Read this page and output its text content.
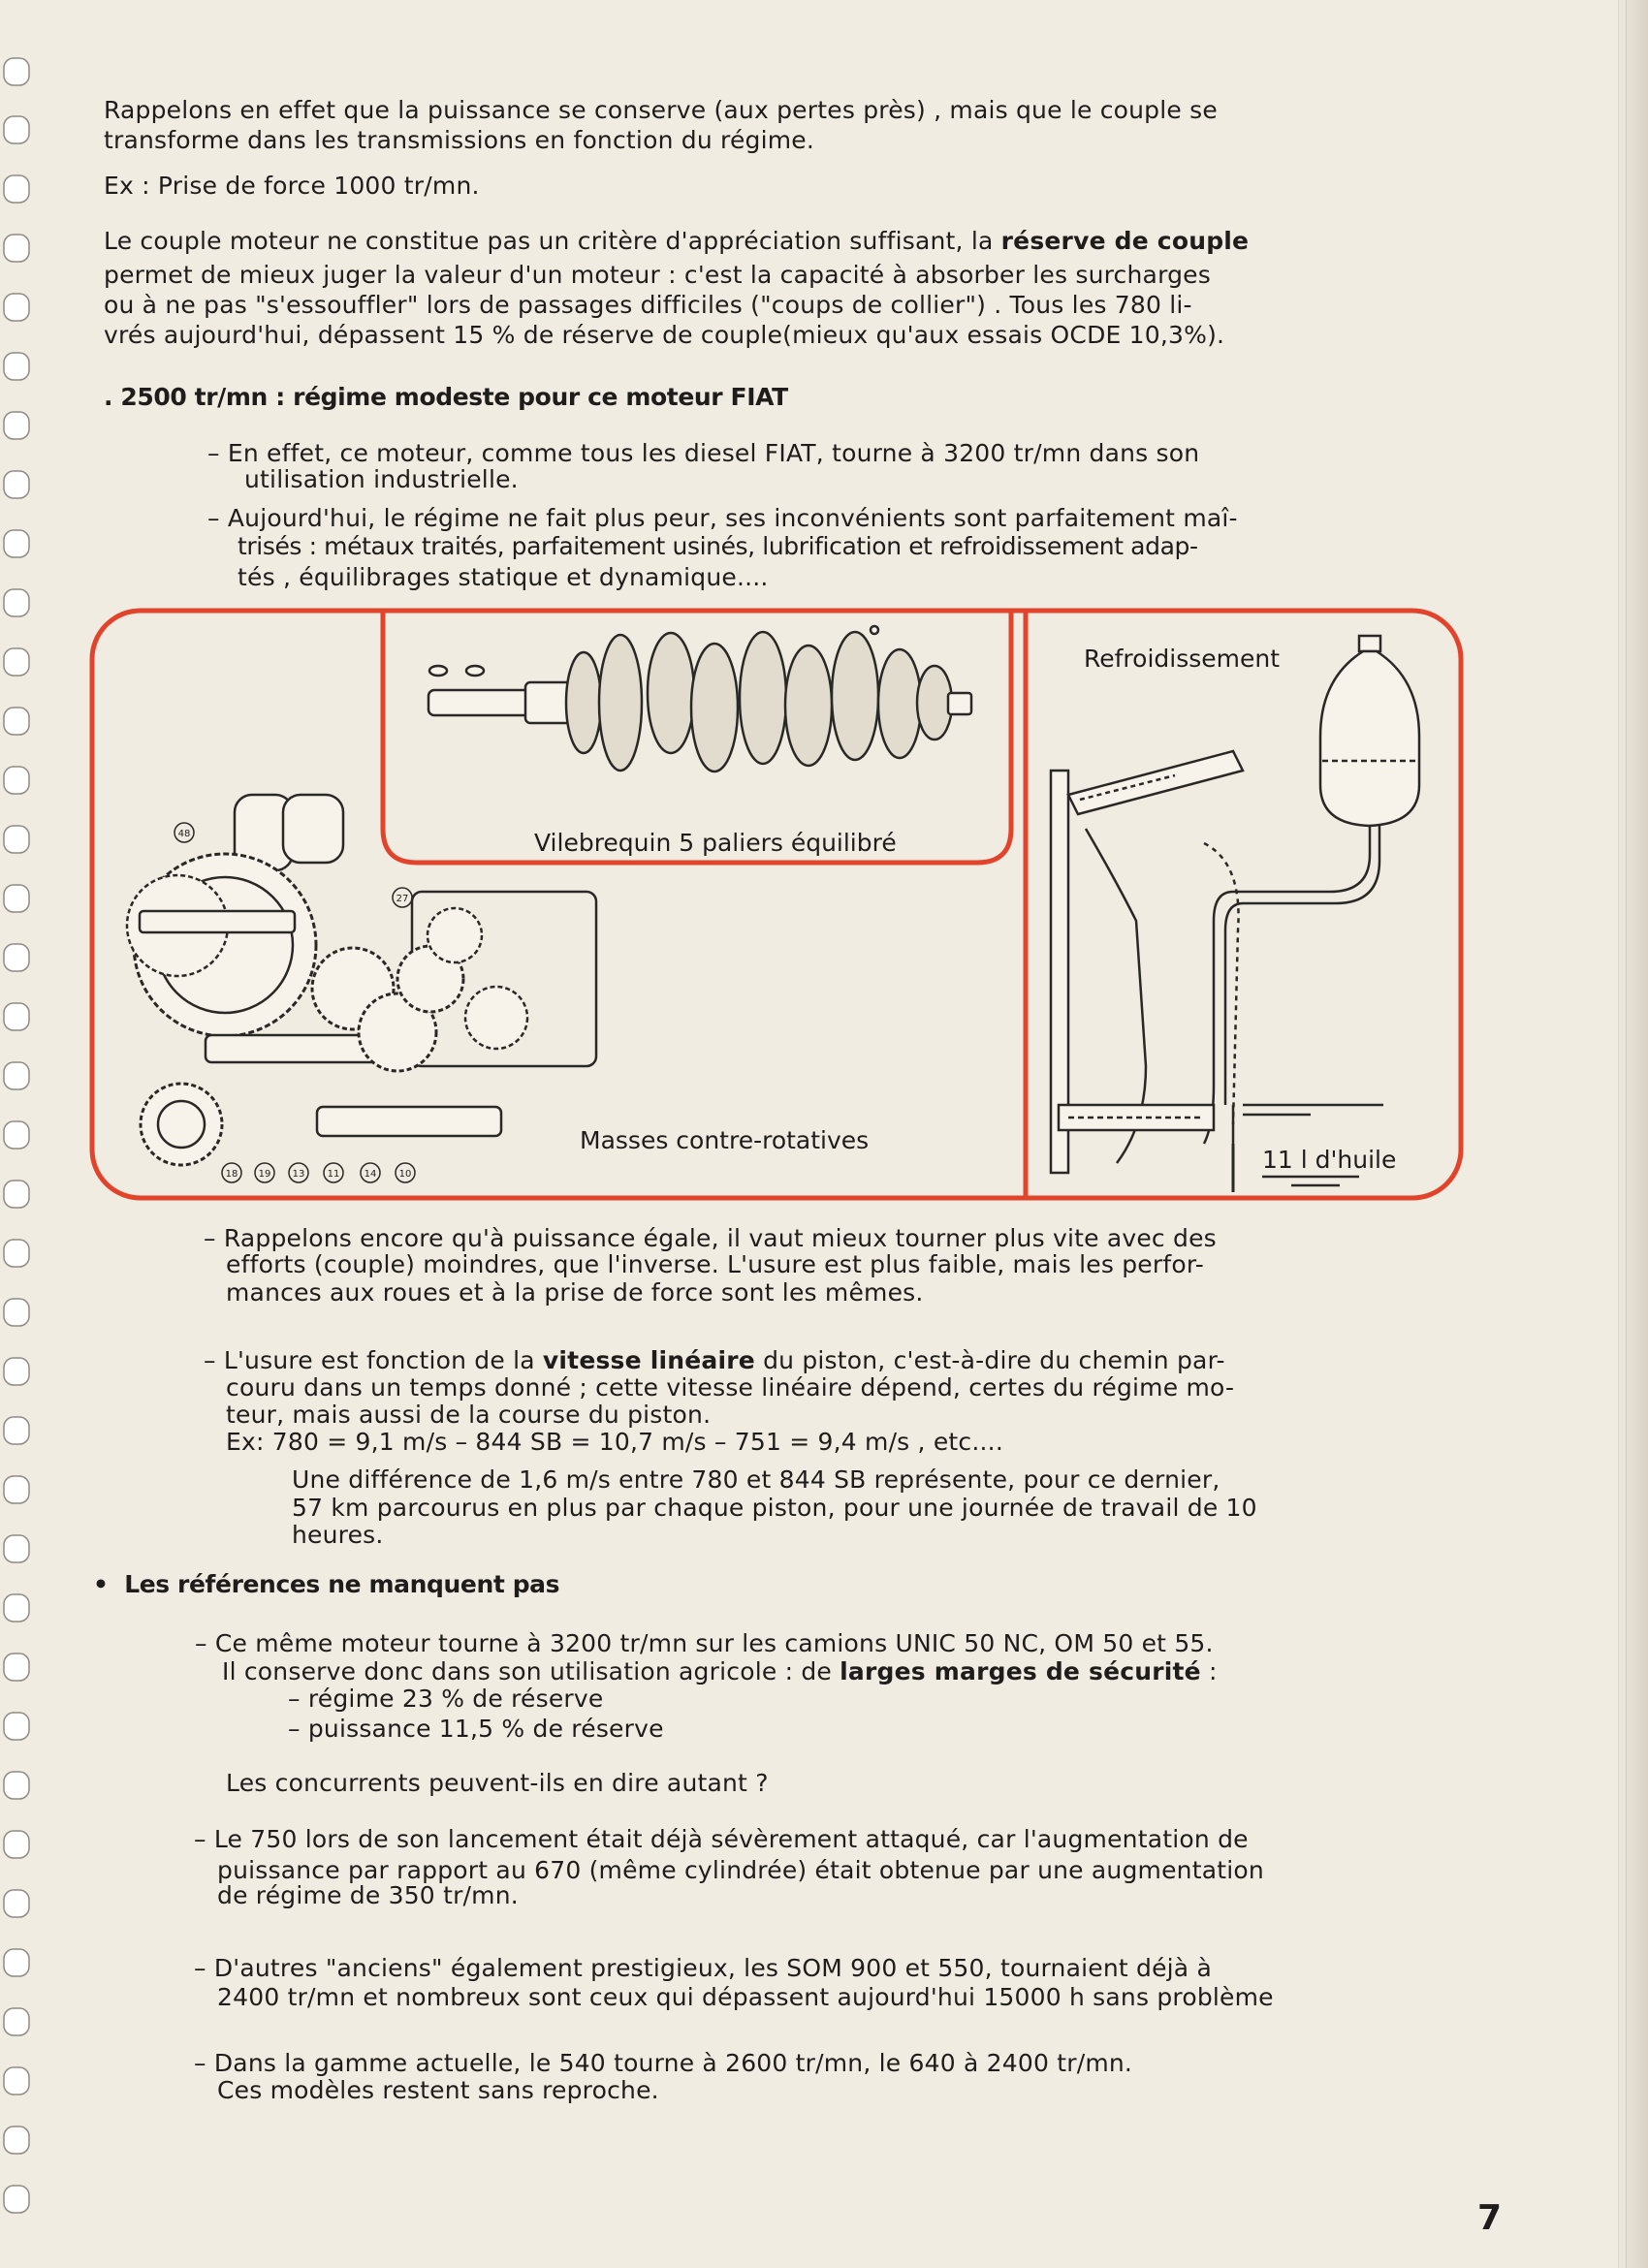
Rappelons en effet que la puissance se conserve (aux pertes près) , mais que le couple se

transforme dans les transmissions en fonction du régime.

Ex : Prise de force 1000 tr/mn.

Le couple moteur ne constitue pas un critère d'appréciation suffisant, la réserve de couple

permet de mieux juger la valeur d'un moteur : c'est la capacité à absorber les surcharges

ou à ne pas "s'essouffler" lors de passages difficiles ("coups de collier") . Tous les 780 li-

vrés aujourd'hui, dépassent 15 % de réserve de couple(mieux qu'aux essais OCDE 10,3%).

. 2500 tr/mn : régime modeste pour ce moteur FIAT

– En effet, ce moteur, comme tous les diesel FIAT, tourne à 3200 tr/mn dans son

utilisation industrielle.

– Aujourd'hui, le régime ne fait plus peur, ses inconvénients sont parfaitement maî-

trisés : métaux traités, parfaitement usinés, lubrification et refroidissement adap-

tés , équilibrages statique et dynamique....

Vilebrequin 5 paliers équilibré
48
27
18 19 13 11	14 10
Masses contre-rotatives
Refroidissement
11 l d'huile

– Rappelons encore qu'à puissance égale, il vaut mieux tourner plus vite avec des

efforts (couple) moindres, que l'inverse. L'usure est plus faible, mais les perfor-

mances aux roues et à la prise de force sont les mêmes.

– L'usure est fonction de la vitesse linéaire du piston, c'est-à-dire du chemin par-

couru dans un temps donné ; cette vitesse linéaire dépend, certes du régime mo-

teur, mais aussi de la course du piston.

Ex: 780 = 9,1 m/s – 844 SB = 10,7 m/s – 751 = 9,4 m/s , etc....

Une différence de 1,6 m/s entre 780 et 844 SB représente, pour ce dernier,

57 km parcourus en plus par chaque piston, pour une journée de travail de 10

heures.

•  Les références ne manquent pas

– Ce même moteur tourne à 3200 tr/mn sur les camions UNIC 50 NC, OM 50 et 55.

Il conserve donc dans son utilisation agricole : de larges marges de sécurité :

– régime 23 % de réserve

– puissance 11,5 % de réserve

Les concurrents peuvent-ils en dire autant ?

– Le 750 lors de son lancement était déjà sévèrement attaqué, car l'augmentation de

puissance par rapport au 670 (même cylindrée) était obtenue par une augmentation

de régime de 350 tr/mn.

– D'autres "anciens" également prestigieux, les SOM 900 et 550, tournaient déjà à

2400 tr/mn et nombreux sont ceux qui dépassent aujourd'hui 15000 h sans problème

– Dans la gamme actuelle, le 540 tourne à 2600 tr/mn, le 640 à 2400 tr/mn.

Ces modèles restent sans reproche.

7
